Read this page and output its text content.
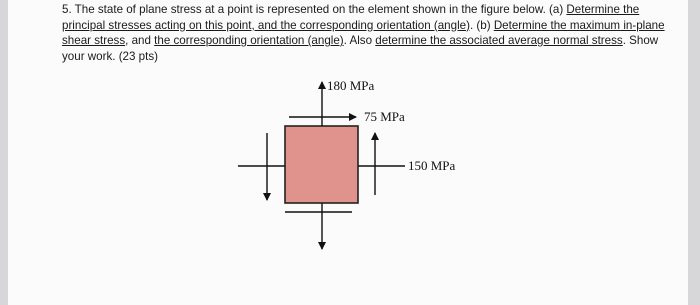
5. The state of plane stress at a point is represented on the element shown in the figure below. (a) Determine the principal stresses acting on this point, and the corresponding orientation (angle). (b) Determine the maximum in-plane shear stress, and the corresponding orientation (angle). Also determine the associated average normal stress. Show your work. (23 pts)
180 MPa
75 MPa
150 MPa
